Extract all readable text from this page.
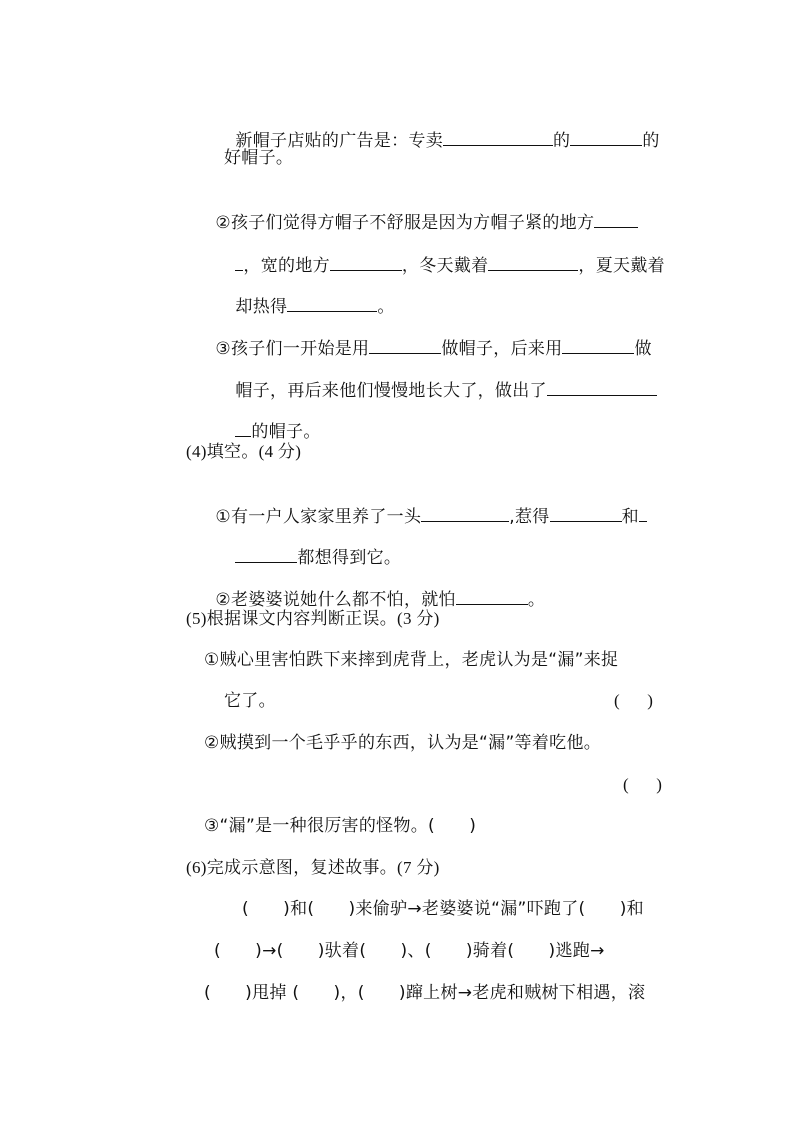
新帽子店贴的广告是：专卖	的	的

好帽子。

②孩子们觉得方帽子不舒服是因为方帽子紧的地方

，宽的地方	，冬天戴着	，夏天戴着

却热得	。

③孩子们一开始是用	做帽子，后来用	做

帽子，再后来他们慢慢地长大了，做出了

的帽子。

(4)填空。(4 分)

①有一户人家家里养了一头	,惹得	和

都想得到它。

②老婆婆说她什么都不怕，就怕	。

(5)根据课文内容判断正误。(3 分)
①贼心里害怕跌下来摔到虎背上，老虎认为是“漏”来捉
它了。	(      )
②贼摸到一个毛乎乎的东西，认为是“漏”等着吃他。
(      )
③“漏”是一种很厉害的怪物。(      )
(6)完成示意图，复述故事。(7 分)
(      )和(      )来偷驴→老婆婆说“漏”吓跑了(      )和
(      )→(      )驮着(      )、(      )骑着(      )逃跑→
(      )甩掉 (      )，(      )蹿上树→老虎和贼树下相遇，滚
